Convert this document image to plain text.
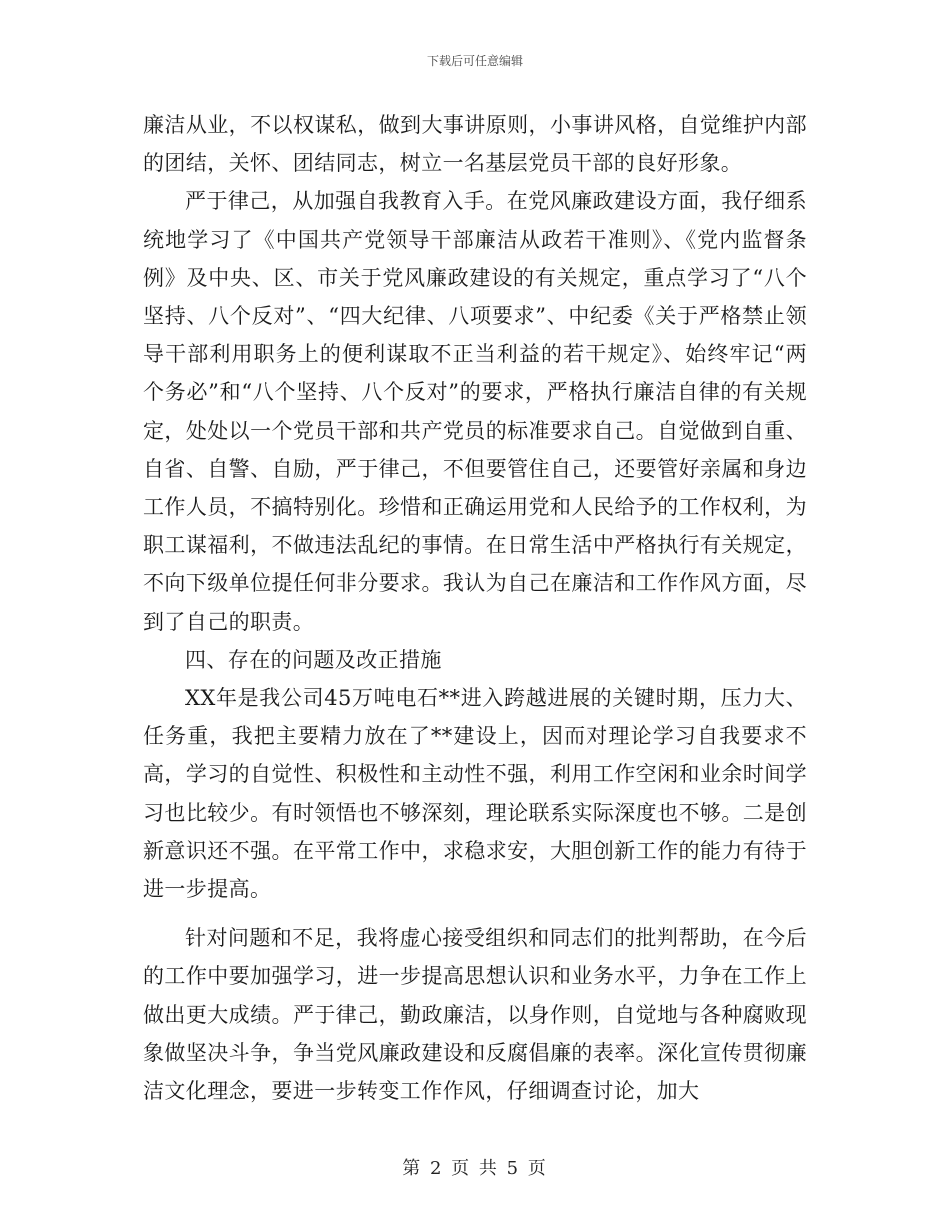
下载后可任意编辑

廉洁从业，不以权谋私，做到大事讲原则，小事讲风格，自觉维护内部的团结，关怀、团结同志，树立一名基层党员干部的良好形象。

严于律己，从加强自我教育入手。在党风廉政建设方面，我仔细系统地学习了《中国共产党领导干部廉洁从政若干准则》、《党内监督条例》及中央、区、市关于党风廉政建设的有关规定，重点学习了“八个坚持、八个反对”、“四大纪律、八项要求”、中纪委《关于严格禁止领导干部利用职务上的便利谋取不正当利益的若干规定》、始终牢记“两个务必”和“八个坚持、八个反对”的要求，严格执行廉洁自律的有关规定，处处以一个党员干部和共产党员的标准要求自己。自觉做到自重、自省、自警、自励，严于律己，不但要管住自己，还要管好亲属和身边工作人员，不搞特别化。珍惜和正确运用党和人民给予的工作权利，为职工谋福利，不做违法乱纪的事情。在日常生活中严格执行有关规定，不向下级单位提任何非分要求。我认为自己在廉洁和工作作风方面，尽到了自己的职责。

四、存在的问题及改正措施

XX年是我公司45万吨电石**进入跨越进展的关键时期，压力大、任务重，我把主要精力放在了**建设上，因而对理论学习自我要求不高，学习的自觉性、积极性和主动性不强，利用工作空闲和业余时间学习也比较少。有时领悟也不够深刻，理论联系实际深度也不够。二是创新意识还不强。在平常工作中，求稳求安，大胆创新工作的能力有待于进一步提高。

针对问题和不足，我将虚心接受组织和同志们的批判帮助，在今后的工作中要加强学习，进一步提高思想认识和业务水平，力争在工作上做出更大成绩。严于律己，勤政廉洁，以身作则，自觉地与各种腐败现象做坚决斗争，争当党风廉政建设和反腐倡廉的表率。深化宣传贯彻廉洁文化理念，要进一步转变工作作风，仔细调查讨论，加大

第 2 页 共 5 页
